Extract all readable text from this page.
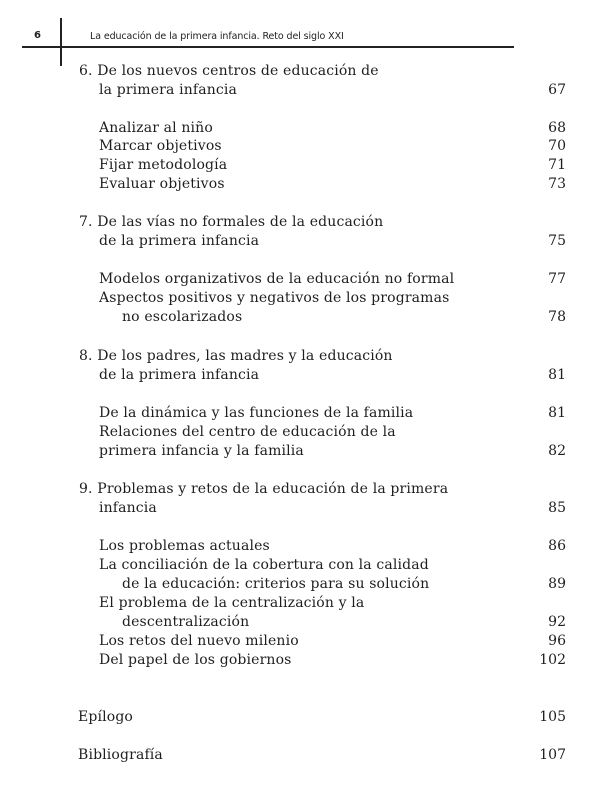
6	La educación de la primera infancia. Reto del siglo XXI
6. De los nuevos centros de educación de
la primera infancia	67
Analizar al niño	68
Marcar objetivos	70
Fijar metodología	71
Evaluar objetivos	73
7. De las vías no formales de la educación
de la primera infancia	75
Modelos organizativos de la educación no formal	77
Aspectos positivos y negativos de los programas
no escolarizados	78
8. De los padres, las madres y la educación
de la primera infancia	81
De la dinámica y las funciones de la familia	81
Relaciones del centro de educación de la
primera infancia y la familia	82
9. Problemas y retos de la educación de la primera
infancia	85
Los problemas actuales	86
La conciliación de la cobertura con la calidad
de la educación: criterios para su solución	89
El problema de la centralización y la
descentralización	92
Los retos del nuevo milenio	96
Del papel de los gobiernos	102
Epílogo	105
Bibliografía	107
